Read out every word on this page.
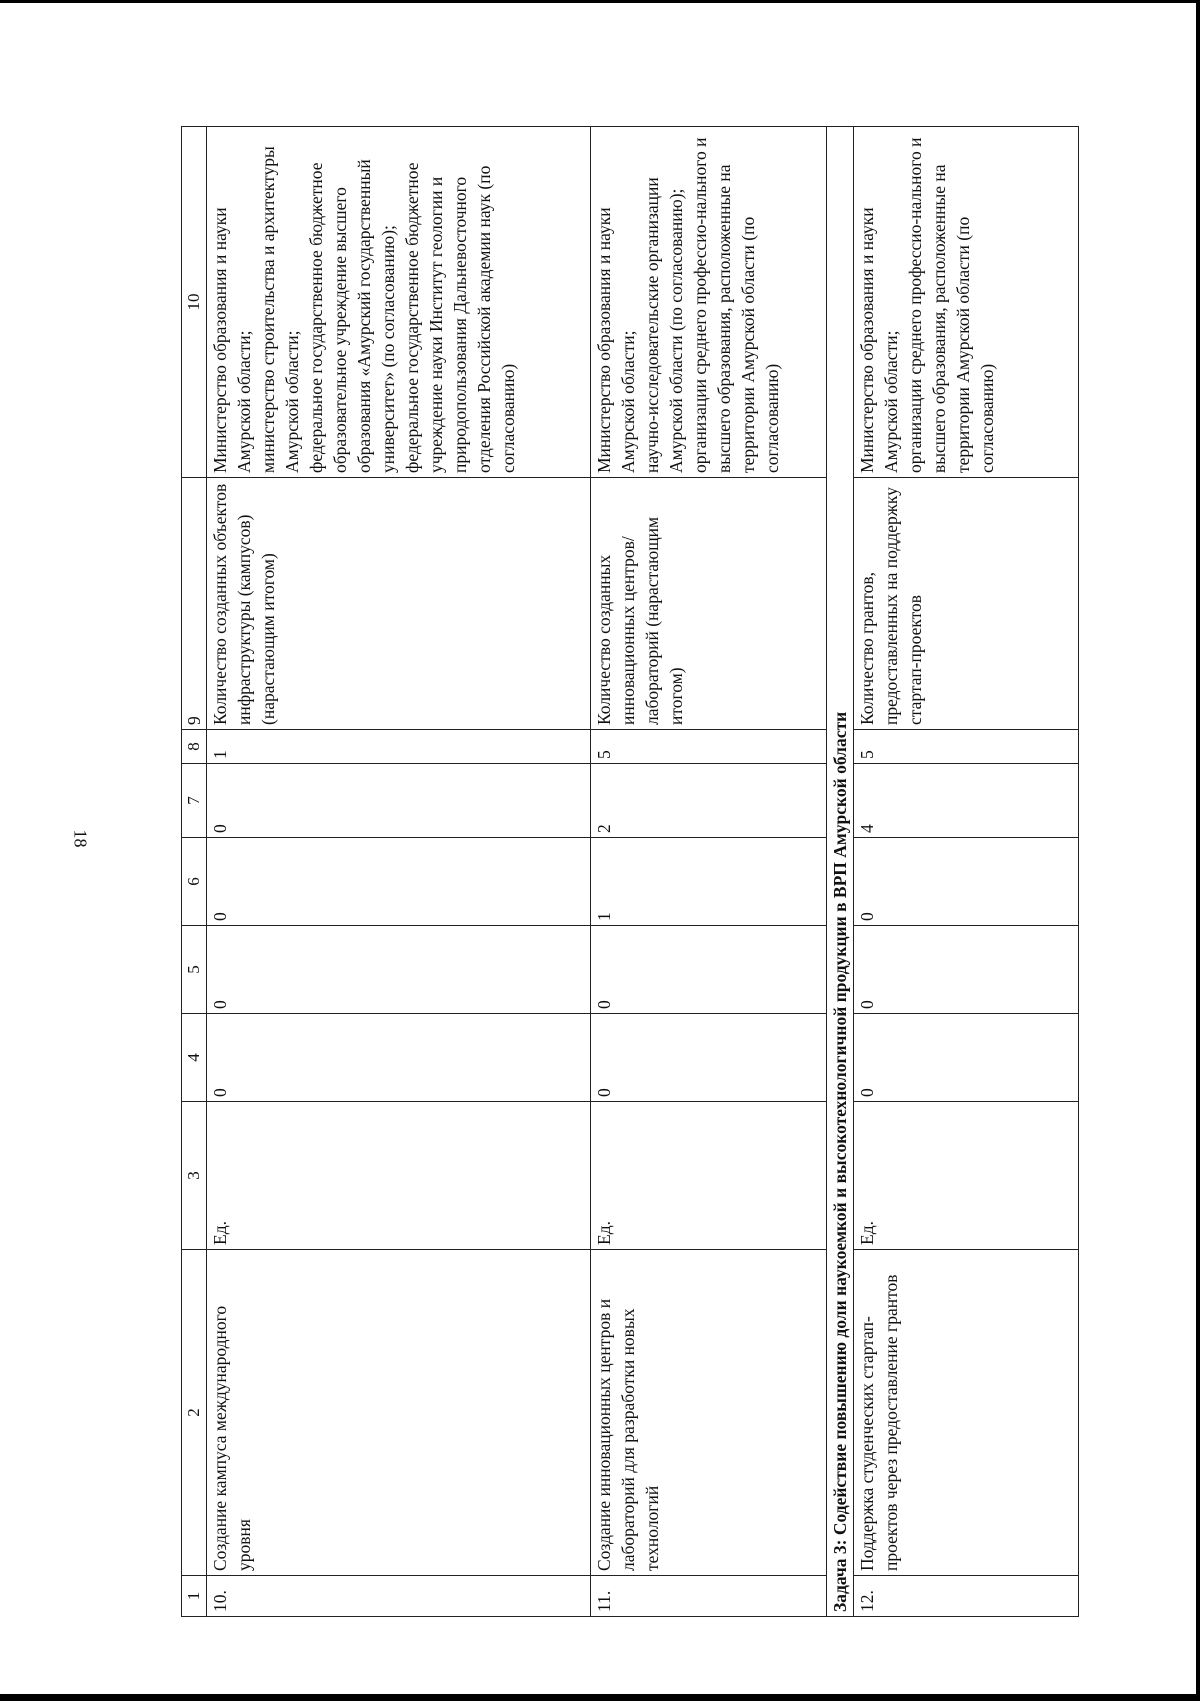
18
1	2	3	4	5	6	7	8	9	10
10.	Создание кампуса международного уровня	Ед.	0	0	0	0	1	Количество созданных объектов инфраструктуры (кампусов) (нарастающим итогом)	Министерство образования и науки Амурской области; министерство строительства и архитектуры Амурской области; федеральное государственное бюджетное образовательное учреждение высшего образования «Амурский государственный университет» (по согласованию); федеральное государственное бюджетное учреждение науки Институт геологии и природопользования Дальневосточного отделения Российской академии наук (по согласованию)

11.	Создание инновационных центров и лабораторий для разработки новых технологий	Ед.	0	0	1	2	5	Количество созданных инновационных центров/лабораторий (нарастающим итогом)	Министерство образования и науки Амурской области; научно-исследовательские организации Амурской области (по согласованию); организации среднего профессио-нального и высшего образования, расположенные на территории Амурской области (по согласованию)

Задача 3: Содействие повышению доли наукоемкой и высокотехнологичной продукции в ВРП Амурской области									
12.	Поддержка студенческих стартап-проектов через предоставление грантов	Ед.	0	0	0	4	5	Количество грантов, предоставленных на поддержку стартап-проектов	Министерство образования и науки Амурской области; организации среднего профессио-нального и высшего образования, расположенные на территории Амурской области (по согласованию)
